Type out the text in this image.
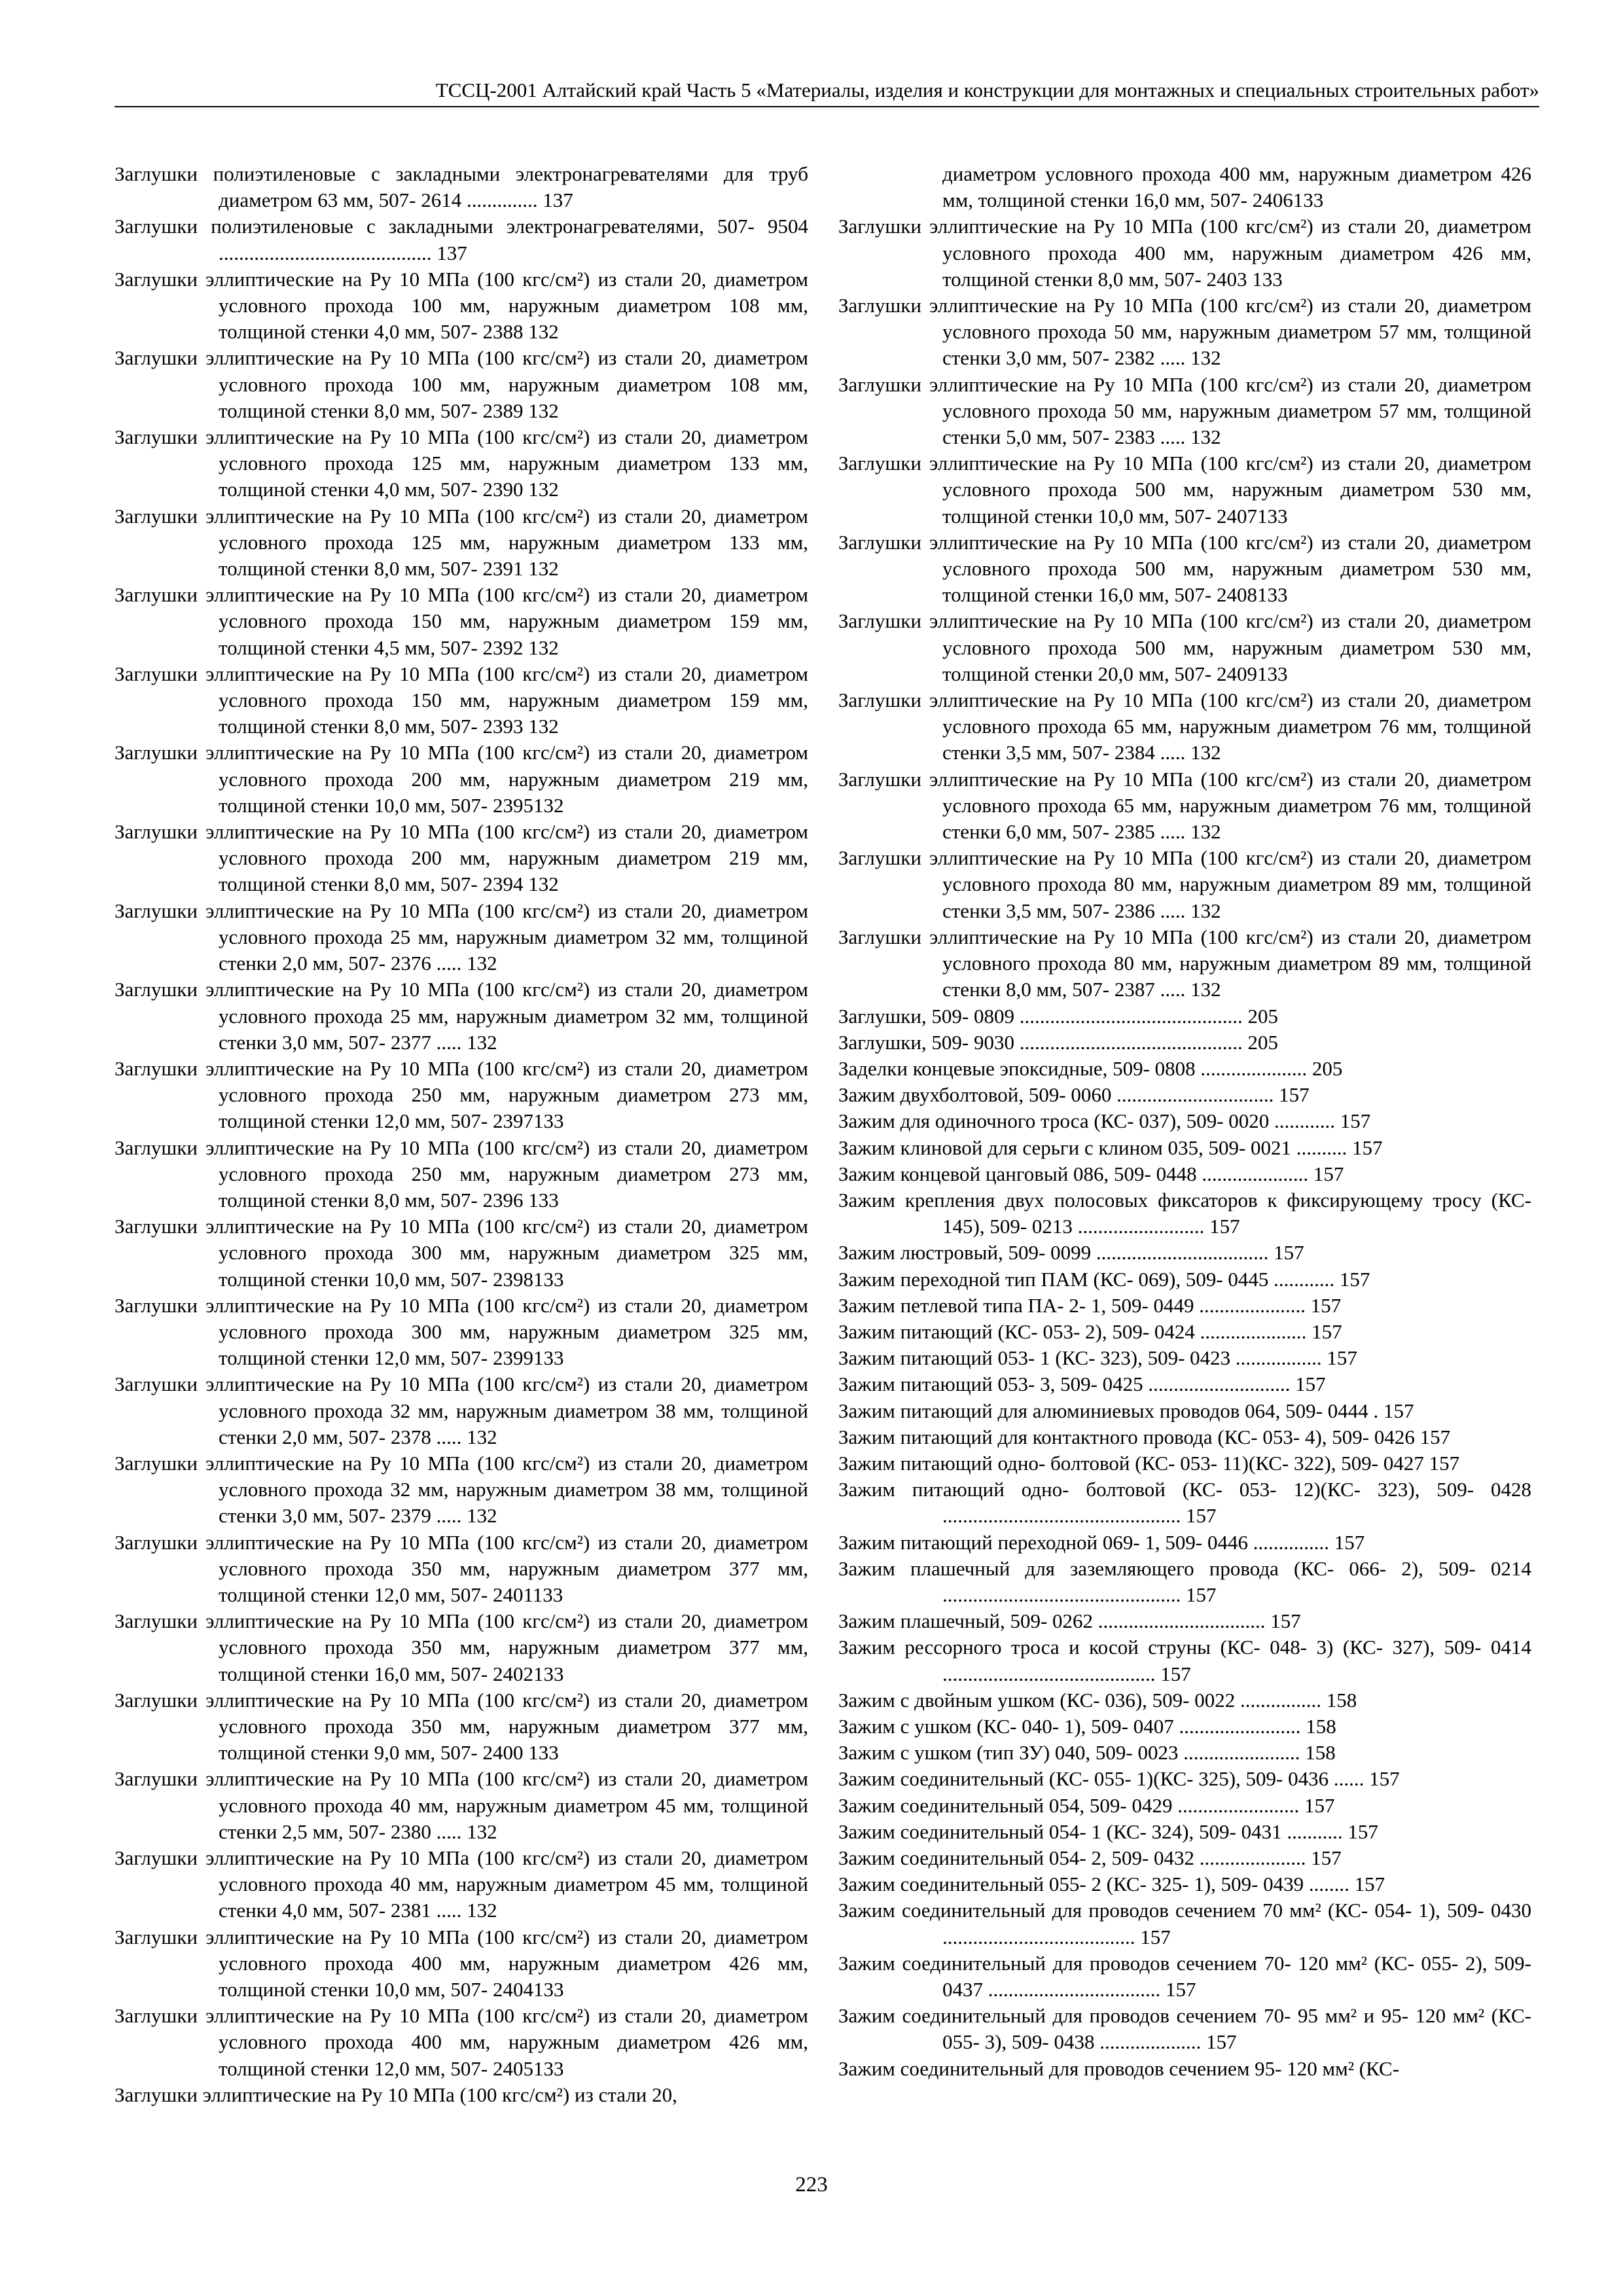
ТССЦ-2001 Алтайский край Часть 5 «Материалы, изделия и конструкции для монтажных и специальных строительных работ»
Заглушки полиэтиленовые с закладными электронагревателями для труб диаметром 63 мм, 507- 2614 .............. 137
Заглушки полиэтиленовые с закладными электронагревателями, 507- 9504 .......................................... 137
Заглушки эллиптические на Ру 10 МПа (100 кгс/см²) из стали 20, диаметром условного прохода 100 мм, наружным диаметром 108 мм, толщиной стенки 4,0 мм, 507- 2388 132
Заглушки эллиптические на Ру 10 МПа (100 кгс/см²) из стали 20, диаметром условного прохода 100 мм, наружным диаметром 108 мм, толщиной стенки 8,0 мм, 507- 2389 132
Заглушки эллиптические на Ру 10 МПа (100 кгс/см²) из стали 20, диаметром условного прохода 125 мм, наружным диаметром 133 мм, толщиной стенки 4,0 мм, 507- 2390 132
Заглушки эллиптические на Ру 10 МПа (100 кгс/см²) из стали 20, диаметром условного прохода 125 мм, наружным диаметром 133 мм, толщиной стенки 8,0 мм, 507- 2391 132
Заглушки эллиптические на Ру 10 МПа (100 кгс/см²) из стали 20, диаметром условного прохода 150 мм, наружным диаметром 159 мм, толщиной стенки 4,5 мм, 507- 2392 132
Заглушки эллиптические на Ру 10 МПа (100 кгс/см²) из стали 20, диаметром условного прохода 150 мм, наружным диаметром 159 мм, толщиной стенки 8,0 мм, 507- 2393 132
Заглушки эллиптические на Ру 10 МПа (100 кгс/см²) из стали 20, диаметром условного прохода 200 мм, наружным диаметром 219 мм, толщиной стенки 10,0 мм, 507- 2395132
Заглушки эллиптические на Ру 10 МПа (100 кгс/см²) из стали 20, диаметром условного прохода 200 мм, наружным диаметром 219 мм, толщиной стенки 8,0 мм, 507- 2394 132
Заглушки эллиптические на Ру 10 МПа (100 кгс/см²) из стали 20, диаметром условного прохода 25 мм, наружным диаметром 32 мм, толщиной стенки 2,0 мм, 507- 2376 ..... 132
Заглушки эллиптические на Ру 10 МПа (100 кгс/см²) из стали 20, диаметром условного прохода 25 мм, наружным диаметром 32 мм, толщиной стенки 3,0 мм, 507- 2377 ..... 132
Заглушки эллиптические на Ру 10 МПа (100 кгс/см²) из стали 20, диаметром условного прохода 250 мм, наружным диаметром 273 мм, толщиной стенки 12,0 мм, 507- 2397133
Заглушки эллиптические на Ру 10 МПа (100 кгс/см²) из стали 20, диаметром условного прохода 250 мм, наружным диаметром 273 мм, толщиной стенки 8,0 мм, 507- 2396 133
Заглушки эллиптические на Ру 10 МПа (100 кгс/см²) из стали 20, диаметром условного прохода 300 мм, наружным диаметром 325 мм, толщиной стенки 10,0 мм, 507- 2398133
Заглушки эллиптические на Ру 10 МПа (100 кгс/см²) из стали 20, диаметром условного прохода 300 мм, наружным диаметром 325 мм, толщиной стенки 12,0 мм, 507- 2399133
Заглушки эллиптические на Ру 10 МПа (100 кгс/см²) из стали 20, диаметром условного прохода 32 мм, наружным диаметром 38 мм, толщиной стенки 2,0 мм, 507- 2378 ..... 132
Заглушки эллиптические на Ру 10 МПа (100 кгс/см²) из стали 20, диаметром условного прохода 32 мм, наружным диаметром 38 мм, толщиной стенки 3,0 мм, 507- 2379 ..... 132
Заглушки эллиптические на Ру 10 МПа (100 кгс/см²) из стали 20, диаметром условного прохода 350 мм, наружным диаметром 377 мм, толщиной стенки 12,0 мм, 507- 2401133
Заглушки эллиптические на Ру 10 МПа (100 кгс/см²) из стали 20, диаметром условного прохода 350 мм, наружным диаметром 377 мм, толщиной стенки 16,0 мм, 507- 2402133
Заглушки эллиптические на Ру 10 МПа (100 кгс/см²) из стали 20, диаметром условного прохода 350 мм, наружным диаметром 377 мм, толщиной стенки 9,0 мм, 507- 2400 133
Заглушки эллиптические на Ру 10 МПа (100 кгс/см²) из стали 20, диаметром условного прохода 40 мм, наружным диаметром 45 мм, толщиной стенки 2,5 мм, 507- 2380 ..... 132
Заглушки эллиптические на Ру 10 МПа (100 кгс/см²) из стали 20, диаметром условного прохода 40 мм, наружным диаметром 45 мм, толщиной стенки 4,0 мм, 507- 2381 ..... 132
Заглушки эллиптические на Ру 10 МПа (100 кгс/см²) из стали 20, диаметром условного прохода 400 мм, наружным диаметром 426 мм, толщиной стенки 10,0 мм, 507- 2404133
Заглушки эллиптические на Ру 10 МПа (100 кгс/см²) из стали 20, диаметром условного прохода 400 мм, наружным диаметром 426 мм, толщиной стенки 12,0 мм, 507- 2405133
Заглушки эллиптические на Ру 10 МПа (100 кгс/см²) из стали 20,
диаметром условного прохода 400 мм, наружным диаметром 426 мм, толщиной стенки 16,0 мм, 507- 2406133
Заглушки эллиптические на Ру 10 МПа (100 кгс/см²) из стали 20, диаметром условного прохода 400 мм, наружным диаметром 426 мм, толщиной стенки 8,0 мм, 507- 2403 133
Заглушки эллиптические на Ру 10 МПа (100 кгс/см²) из стали 20, диаметром условного прохода 50 мм, наружным диаметром 57 мм, толщиной стенки 3,0 мм, 507- 2382 ..... 132
Заглушки эллиптические на Ру 10 МПа (100 кгс/см²) из стали 20, диаметром условного прохода 50 мм, наружным диаметром 57 мм, толщиной стенки 5,0 мм, 507- 2383 ..... 132
Заглушки эллиптические на Ру 10 МПа (100 кгс/см²) из стали 20, диаметром условного прохода 500 мм, наружным диаметром 530 мм, толщиной стенки 10,0 мм, 507- 2407133
Заглушки эллиптические на Ру 10 МПа (100 кгс/см²) из стали 20, диаметром условного прохода 500 мм, наружным диаметром 530 мм, толщиной стенки 16,0 мм, 507- 2408133
Заглушки эллиптические на Ру 10 МПа (100 кгс/см²) из стали 20, диаметром условного прохода 500 мм, наружным диаметром 530 мм, толщиной стенки 20,0 мм, 507- 2409133
Заглушки эллиптические на Ру 10 МПа (100 кгс/см²) из стали 20, диаметром условного прохода 65 мм, наружным диаметром 76 мм, толщиной стенки 3,5 мм, 507- 2384 ..... 132
Заглушки эллиптические на Ру 10 МПа (100 кгс/см²) из стали 20, диаметром условного прохода 65 мм, наружным диаметром 76 мм, толщиной стенки 6,0 мм, 507- 2385 ..... 132
Заглушки эллиптические на Ру 10 МПа (100 кгс/см²) из стали 20, диаметром условного прохода 80 мм, наружным диаметром 89 мм, толщиной стенки 3,5 мм, 507- 2386 ..... 132
Заглушки эллиптические на Ру 10 МПа (100 кгс/см²) из стали 20, диаметром условного прохода 80 мм, наружным диаметром 89 мм, толщиной стенки 8,0 мм, 507- 2387 ..... 132
Заглушки, 509- 0809 ............................................ 205
Заглушки, 509- 9030 ............................................ 205
Заделки концевые эпоксидные, 509- 0808 ..................... 205
Зажим двухболтовой, 509- 0060 ............................... 157
Зажим для одиночного троса (КС- 037), 509- 0020 ............ 157
Зажим клиновой для серьги с клином 035, 509- 0021 .......... 157
Зажим концевой цанговый 086, 509- 0448 ..................... 157
Зажим крепления двух полосовых фиксаторов к фиксирующему тросу (КС- 145), 509- 0213 ......................... 157
Зажим люстровый, 509- 0099 .................................. 157
Зажим переходной тип ПАМ (КС- 069), 509- 0445 ............ 157
Зажим петлевой типа ПА- 2- 1, 509- 0449 ..................... 157
Зажим питающий (КС- 053- 2), 509- 0424 ..................... 157
Зажим питающий 053- 1 (КС- 323), 509- 0423 ................. 157
Зажим питающий 053- 3, 509- 0425 ............................ 157
Зажим питающий для алюминиевых проводов 064, 509- 0444 . 157
Зажим питающий для контактного провода (КС- 053- 4), 509- 0426 157
Зажим питающий одно- болтовой (КС- 053- 11)(КС- 322), 509- 0427 157
Зажим питающий одно- болтовой (КС- 053- 12)(КС- 323), 509- 0428 ............................................... 157
Зажим питающий переходной 069- 1, 509- 0446 ............... 157
Зажим плашечный для заземляющего провода (КС- 066- 2), 509- 0214 ............................................... 157
Зажим плашечный, 509- 0262 ................................. 157
Зажим рессорного троса и косой струны (КС- 048- 3) (КС- 327), 509- 0414 .......................................... 157
Зажим с двойным ушком (КС- 036), 509- 0022 ................ 158
Зажим с ушком (КС- 040- 1), 509- 0407 ........................ 158
Зажим с ушком (тип ЗУ) 040, 509- 0023 ....................... 158
Зажим соединительный (КС- 055- 1)(КС- 325), 509- 0436 ...... 157
Зажим соединительный 054, 509- 0429 ........................ 157
Зажим соединительный 054- 1 (КС- 324), 509- 0431 ........... 157
Зажим соединительный 054- 2, 509- 0432 ..................... 157
Зажим соединительный 055- 2 (КС- 325- 1), 509- 0439 ........ 157
Зажим соединительный для проводов сечением 70 мм² (КС- 054- 1), 509- 0430 ...................................... 157
Зажим соединительный для проводов сечением 70- 120 мм² (КС- 055- 2), 509- 0437 .................................. 157
Зажим соединительный для проводов сечением 70- 95 мм² и 95- 120 мм² (КС- 055- 3), 509- 0438 .................... 157
Зажим соединительный для проводов сечением 95- 120 мм² (КС-
223
